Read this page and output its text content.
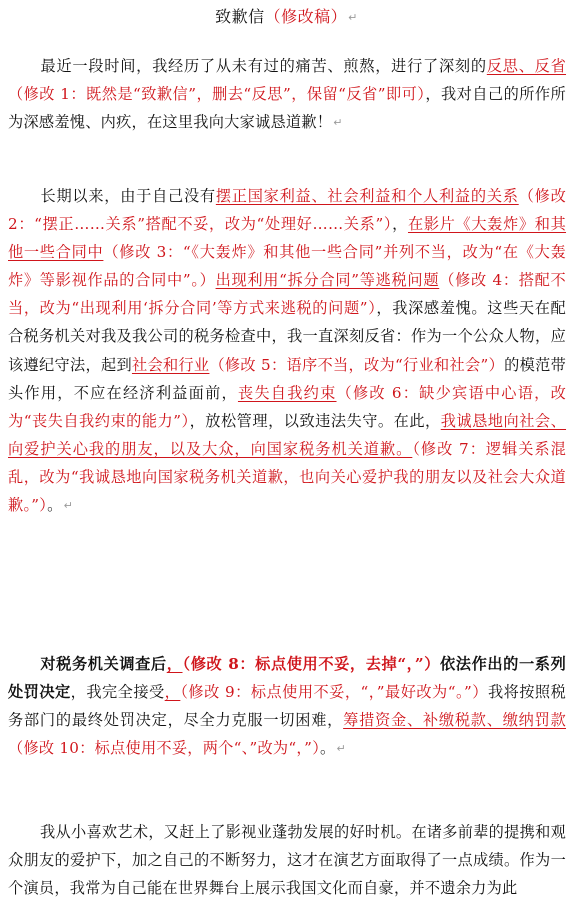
致歉信（修改稿）↵

最近一段时间，我经历了从未有过的痛苦、煎熬，进行了深刻的反思、反省（修改 1：既然是“致歉信”，删去“反思”，保留“反省”即可），我对自己的所作所为深感羞愧、内疚，在这里我向大家诚恳道歉！↵

长期以来，由于自己没有摆正国家利益、社会利益和个人利益的关系（修改 2：“摆正……关系”搭配不妥，改为“处理好……关系”），在影片《大轰炸》和其他一些合同中（修改 3：“《大轰炸》和其他一些合同”并列不当，改为“在《大轰炸》等影视作品的合同中”。）出现利用“拆分合同”等逃税问题（修改 4：搭配不当，改为“出现利用‘拆分合同’等方式来逃税的问题”），我深感羞愧。这些天在配合税务机关对我及我公司的税务检查中，我一直深刻反省：作为一个公众人物，应该遵纪守法，起到社会和行业（修改 5：语序不当，改为“行业和社会”）的模范带头作用，不应在经济利益面前，丧失自我约束（修改 6：缺少宾语中心语，改为“丧失自我约束的能力”），放松管理，以致违法失守。在此，我诚恳地向社会、向爱护关心我的朋友，以及大众，向国家税务机关道歉。（修改 7：逻辑关系混乱，改为“我诚恳地向国家税务机关道歉，也向关心爱护我的朋友以及社会大众道歉。”）。↵

对税务机关调查后，（修改 8：标点使用不妥，去掉“，”）依法作出的一系列处罚决定，我完全接受，（修改 9：标点使用不妥，“，”最好改为“。”）我将按照税务部门的最终处罚决定，尽全力克服一切困难，筹措资金、补缴税款、缴纳罚款（修改 10：标点使用不妥，两个“、”改为“，”）。↵

我从小喜欢艺术，又赶上了影视业蓬勃发展的好时机。在诸多前辈的提携和观众朋友的爱护下，加之自己的不断努力，这才在演艺方面取得了一点成绩。作为一个演员，我常为自己能在世界舞台上展示我国文化而自豪，并不遗余力为此
